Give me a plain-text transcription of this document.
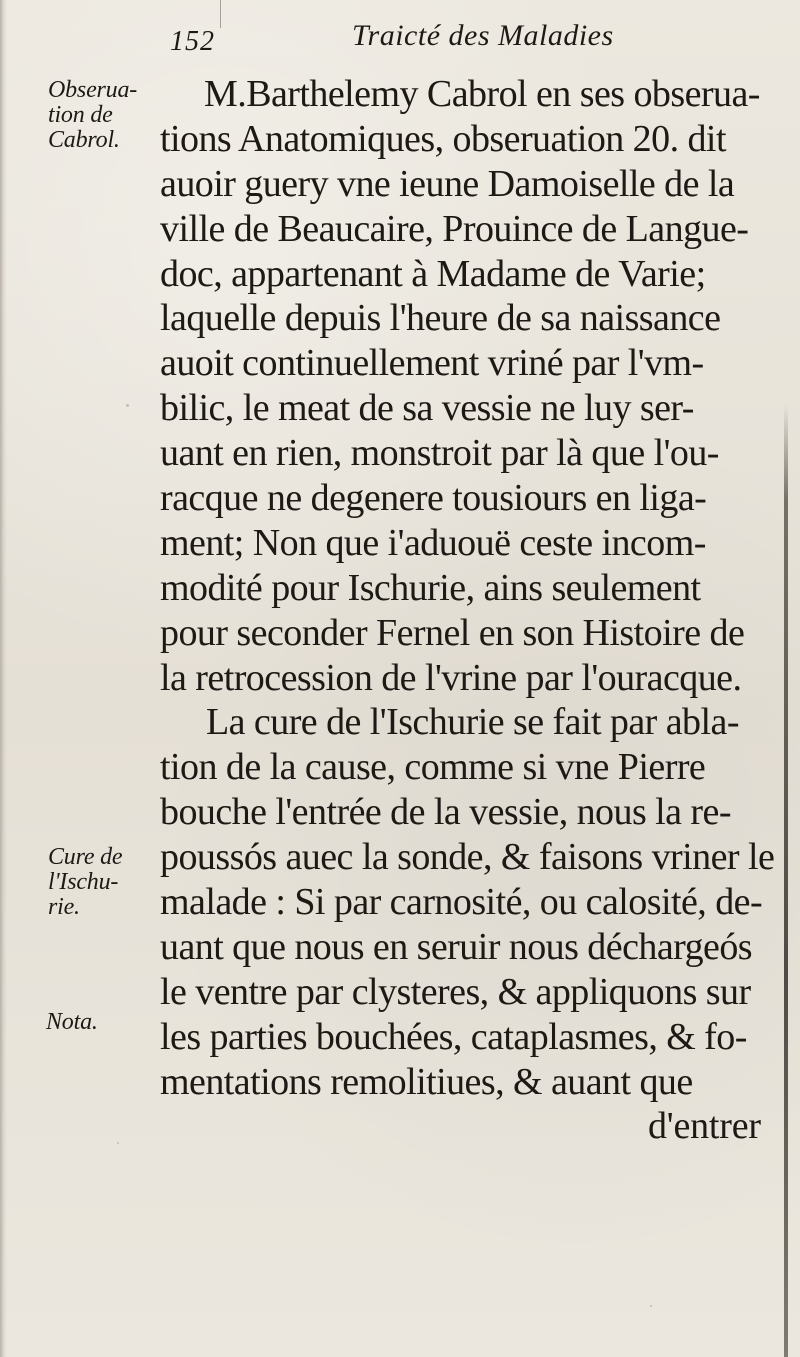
152	Traicté des Maladies
Obseruа-
tion de
Cabrol.
Cure de
l'Ischu-
rie.
Nota.
M.Barthelemy Cabrol en ses obserua-
tions Anatomiques, obseruation 20. dit
auoir guery vne ieune Damoiselle de la
ville de Beaucaire, Prouince de Langue-
doc, appartenant à Madame de Varie;
laquelle depuis l'heure de sa naissance
auoit continuellement vriné par l'vm-
bilic, le meat de sa vessie ne luy ser-
uant en rien, monstroit par là que l'ou-
racque ne degenere tousiours en liga-
ment; Non que i'aduouë ceste incom-
modité pour Ischurie, ains seulement
pour seconder Fernel en son Histoire de
la retrocession de l'vrine par l'ouracque.
La cure de l'Ischurie se fait par abla-
tion de la cause, comme si vne Pierre
bouche l'entrée de la vessie, nous la re-
poussós auec la sonde, & faisons vriner le
malade : Si par carnosité, ou calosité, de-
uant que nous en seruir nous déchargeós
le ventre par clysteres, & appliquons sur
les parties bouchées, cataplasmes, & fo-
mentations remolitiues, & auant que
d'entrer
